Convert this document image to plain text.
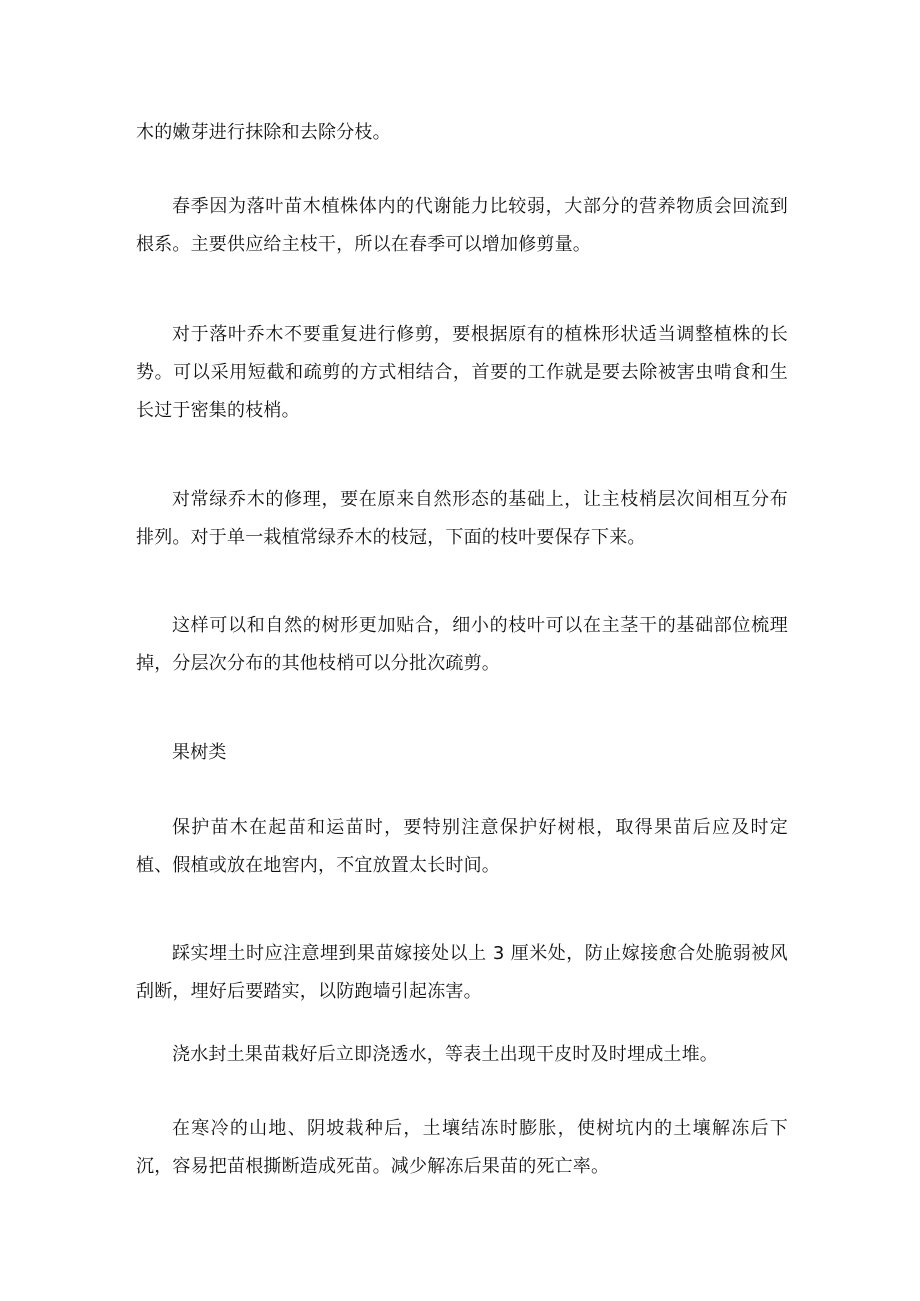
木的嫩芽进行抹除和去除分枝。

春季因为落叶苗木植株体内的代谢能力比较弱，大部分的营养物质会回流到根系。主要供应给主枝干，所以在春季可以增加修剪量。

对于落叶乔木不要重复进行修剪，要根据原有的植株形状适当调整植株的长势。可以采用短截和疏剪的方式相结合，首要的工作就是要去除被害虫啃食和生长过于密集的枝梢。

对常绿乔木的修理，要在原来自然形态的基础上，让主枝梢层次间相互分布排列。对于单一栽植常绿乔木的枝冠，下面的枝叶要保存下来。

这样可以和自然的树形更加贴合，细小的枝叶可以在主茎干的基础部位梳理掉，分层次分布的其他枝梢可以分批次疏剪。

果树类

保护苗木在起苗和运苗时，要特别注意保护好树根，取得果苗后应及时定植、假植或放在地窖内，不宜放置太长时间。

踩实埋土时应注意埋到果苗嫁接处以上 3 厘米处，防止嫁接愈合处脆弱被风刮断，埋好后要踏实，以防跑墙引起冻害。

浇水封土果苗栽好后立即浇透水，等表土出现干皮时及时埋成土堆。

在寒冷的山地、阴坡栽种后，土壤结冻时膨胀，使树坑内的土壤解冻后下沉，容易把苗根撕断造成死苗。减少解冻后果苗的死亡率。
